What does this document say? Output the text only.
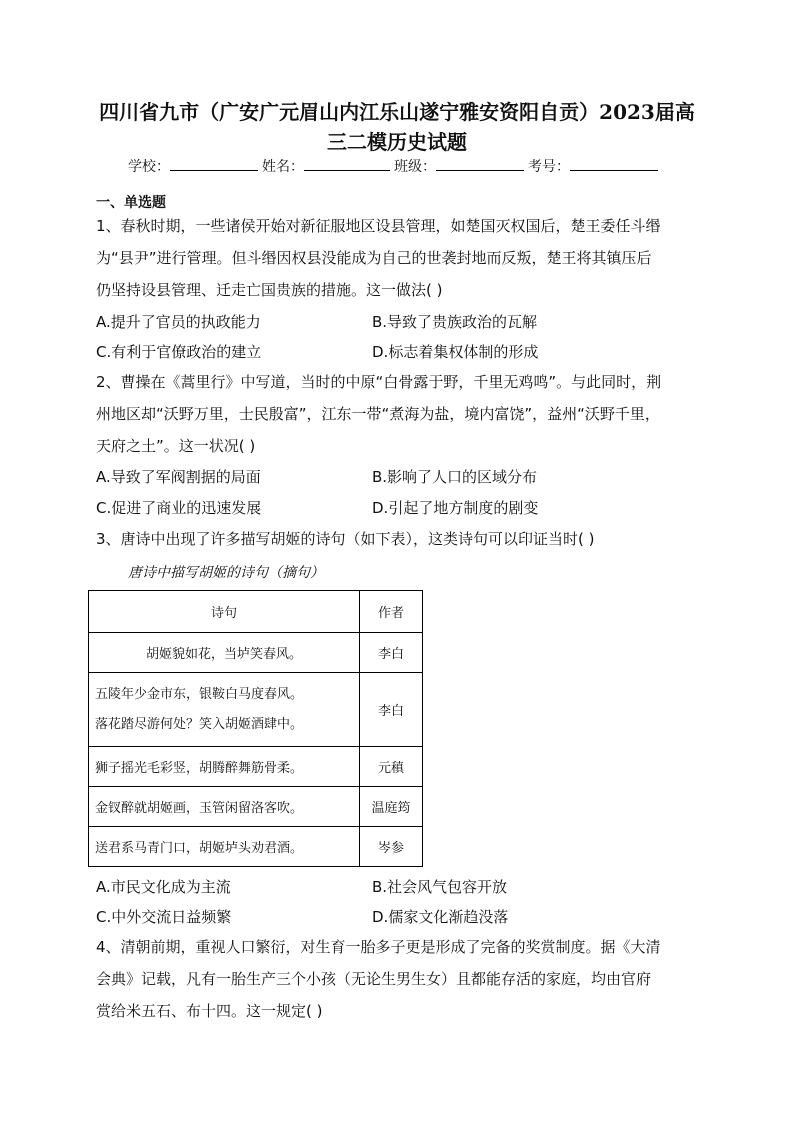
四川省九市（广安广元眉山内江乐山遂宁雅安资阳自贡）2023届高
三二模历史试题
学校：	姓名：	班级：	考号：
一、单选题
1、春秋时期，一些诸侯开始对新征服地区设县管理，如楚国灭权国后，楚王委任斗缗
为“县尹”进行管理。但斗缗因权县没能成为自己的世袭封地而反叛，楚王将其镇压后
仍坚持设县管理、迁走亡国贵族的措施。这一做法( )
A.提升了官员的执政能力	B.导致了贵族政治的瓦解
C.有利于官僚政治的建立	D.标志着集权体制的形成
2、曹操在《蒿里行》中写道，当时的中原“白骨露于野，千里无鸡鸣”。与此同时，荆
州地区却“沃野万里，士民殷富”，江东一带“煮海为盐，境内富饶”，益州“沃野千里，
天府之土”。这一状况( )
A.导致了军阀割据的局面	B.影响了人口的区域分布
C.促进了商业的迅速发展	D.引起了地方制度的剧变
3、唐诗中出现了许多描写胡姬的诗句（如下表），这类诗句可以印证当时( )
唐诗中描写胡姬的诗句（摘句）
诗句	作者
胡姬貌如花，当垆笑春风。	李白

五陵年少金市东，银鞍白马度春风。
落花踏尽游何处？笑入胡姬酒肆中。	李白
狮子摇光毛彩竖，胡腾醉舞筋骨柔。	元稹
金钗醉就胡姬画，玉管闲留洛客吹。	温庭筠
送君系马青门口，胡姬垆头劝君酒。	岑参
A.市民文化成为主流	B.社会风气包容开放
C.中外交流日益频繁	D.儒家文化渐趋没落
4、清朝前期，重视人口繁衍，对生育一胎多子更是形成了完备的奖赏制度。据《大清
会典》记载，凡有一胎生产三个小孩（无论生男生女）且都能存活的家庭，均由官府
赏给米五石、布十四。这一规定( )
